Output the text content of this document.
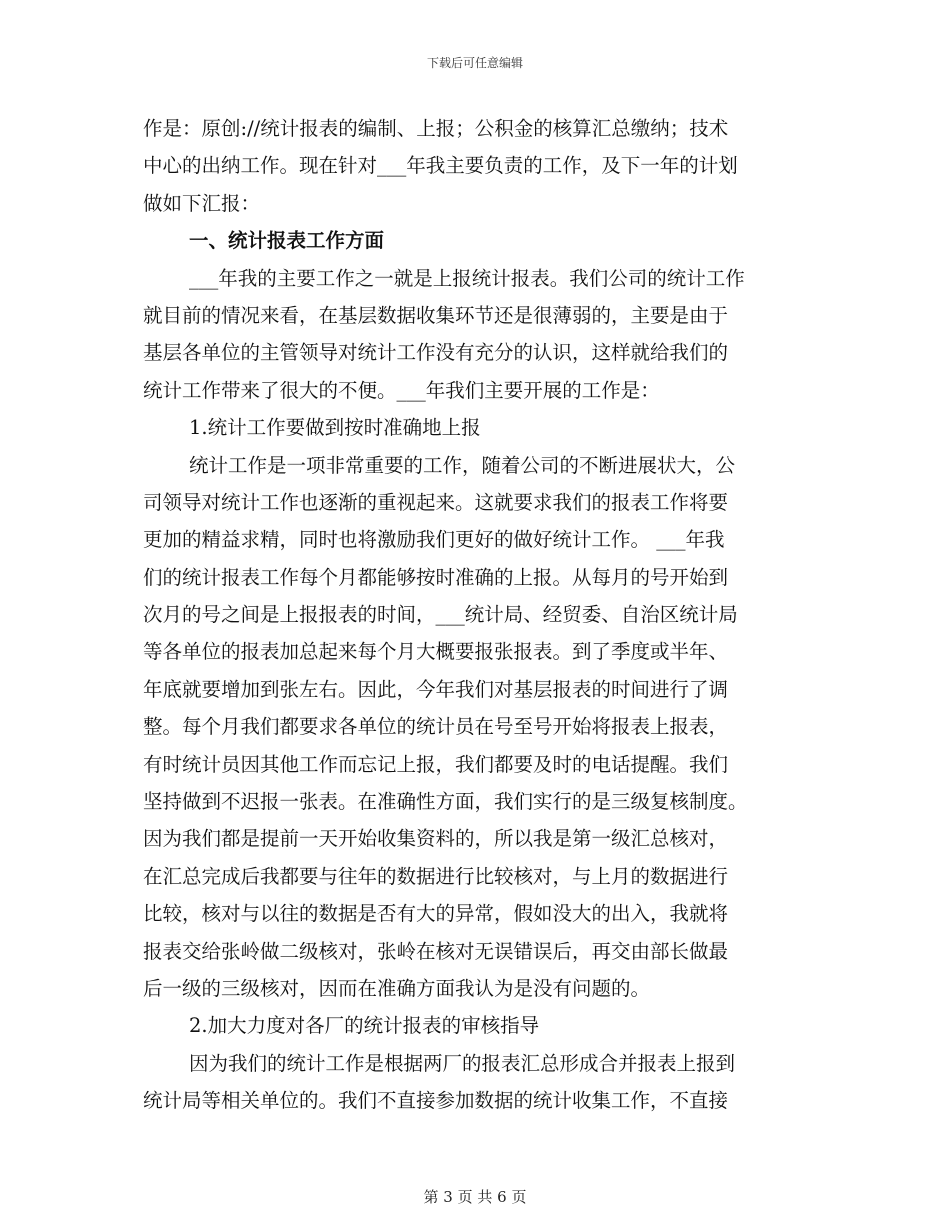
下载后可任意编辑
作是：原创://统计报表的编制、上报；公积金的核算汇总缴纳；技术
中心的出纳工作。现在针对___年我主要负责的工作，及下一年的计划
做如下汇报：
一、统计报表工作方面
___年我的主要工作之一就是上报统计报表。我们公司的统计工作
就目前的情况来看，在基层数据收集环节还是很薄弱的，主要是由于
基层各单位的主管领导对统计工作没有充分的认识，这样就给我们的
统计工作带来了很大的不便。___年我们主要开展的工作是：
1.统计工作要做到按时准确地上报
统计工作是一项非常重要的工作，随着公司的不断进展状大，公
司领导对统计工作也逐渐的重视起来。这就要求我们的报表工作将要
更加的精益求精，同时也将激励我们更好的做好统计工作。 ___年我
们的统计报表工作每个月都能够按时准确的上报。从每月的号开始到
次月的号之间是上报报表的时间，___统计局、经贸委、自治区统计局
等各单位的报表加总起来每个月大概要报张报表。到了季度或半年、
年底就要增加到张左右。因此，今年我们对基层报表的时间进行了调
整。每个月我们都要求各单位的统计员在号至号开始将报表上报表，
有时统计员因其他工作而忘记上报，我们都要及时的电话提醒。我们
坚持做到不迟报一张表。在准确性方面，我们实行的是三级复核制度。
因为我们都是提前一天开始收集资料的，所以我是第一级汇总核对，
在汇总完成后我都要与往年的数据进行比较核对，与上月的数据进行
比较，核对与以往的数据是否有大的异常，假如没大的出入，我就将
报表交给张岭做二级核对，张岭在核对无误错误后，再交由部长做最
后一级的三级核对，因而在准确方面我认为是没有问题的。
2.加大力度对各厂的统计报表的审核指导
因为我们的统计工作是根据两厂的报表汇总形成合并报表上报到
统计局等相关单位的。我们不直接参加数据的统计收集工作，不直接
第 3 页 共 6 页
